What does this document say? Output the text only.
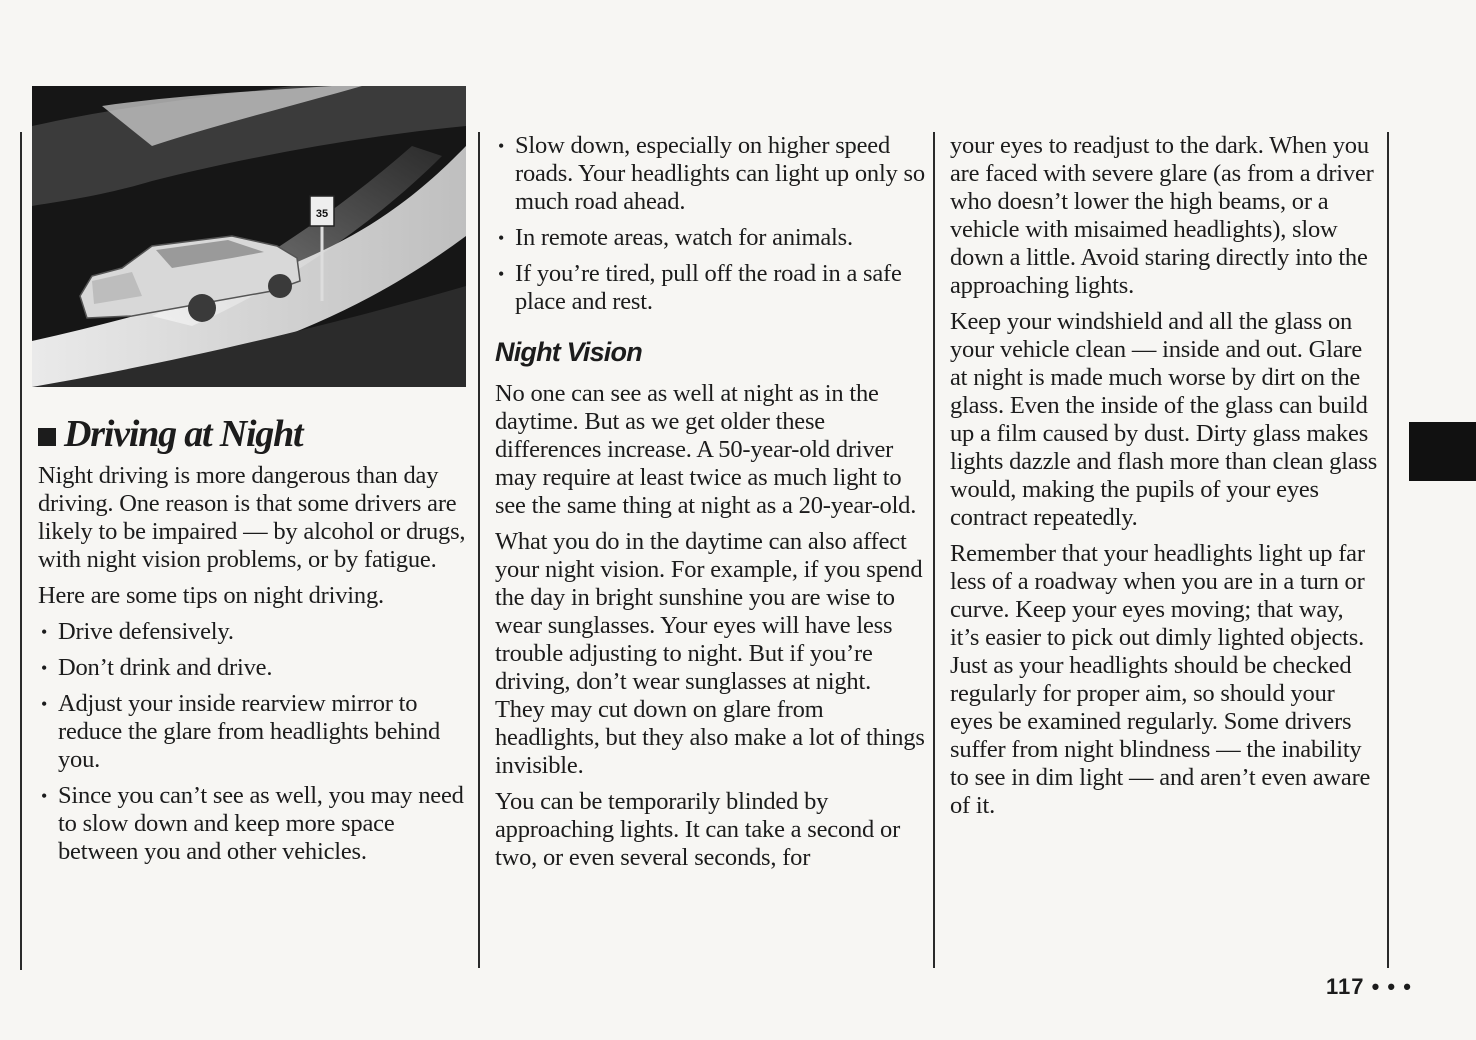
35
Driving at Night

Night driving is more dangerous than day driving. One reason is that some drivers are likely to be impaired — by alcohol or drugs, with night vision problems, or by fatigue.

Here are some tips on night driving.

• Drive defensively.
• Don’t drink and drive.
• Adjust your inside rearview mirror to reduce the glare from headlights behind you.
• Since you can’t see as well, you may need to slow down and keep more space between you and other vehicles.
• Slow down, especially on higher speed roads. Your headlights can light up only so much road ahead.
• In remote areas, watch for animals.
• If you’re tired, pull off the road in a safe place and rest.
Night Vision

No one can see as well at night as in the daytime. But as we get older these differences increase. A 50-year-old driver may require at least twice as much light to see the same thing at night as a 20-year-old.

What you do in the daytime can also affect your night vision. For example, if you spend the day in bright sunshine you are wise to wear sunglasses. Your eyes will have less trouble adjusting to night. But if you’re driving, don’t wear sunglasses at night. They may cut down on glare from headlights, but they also make a lot of things invisible.

You can be temporarily blinded by approaching lights. It can take a second or two, or even several seconds, for

your eyes to readjust to the dark. When you are faced with severe glare (as from a driver who doesn’t lower the high beams, or a vehicle with misaimed headlights), slow down a little. Avoid staring directly into the approaching lights.

Keep your windshield and all the glass on your vehicle clean — inside and out. Glare at night is made much worse by dirt on the glass. Even the inside of the glass can build up a film caused by dust. Dirty glass makes lights dazzle and flash more than clean glass would, making the pupils of your eyes contract repeatedly.

Remember that your headlights light up far less of a roadway when you are in a turn or curve. Keep your eyes moving; that way, it’s easier to pick out dimly lighted objects. Just as your headlights should be checked regularly for proper aim, so should your eyes be examined regularly. Some drivers suffer from night blindness — the inability to see in dim light — and aren’t even aware of it.

117 • • •
